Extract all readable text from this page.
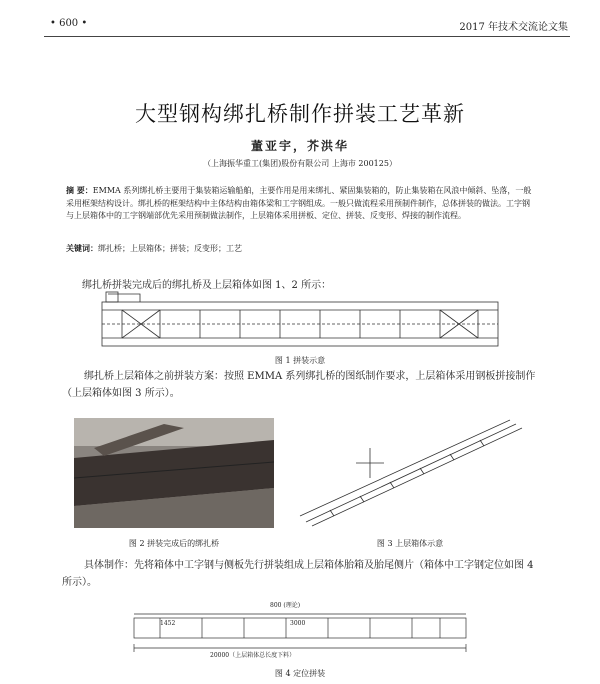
• 600 •	2017 年技术交流论文集
大型钢构绑扎桥制作拼装工艺革新
董亚宇，芥洪华
（上海振华重工(集团)股份有限公司 上海市 200125）
摘 要：EMMA 系列绑扎桥主要用于集装箱运输船舶，主要作用是用来绑扎、紧固集装箱的，防止集装箱在风浪中倾斜、坠落，一般采用框架结构设计。绑扎桥的框架结构中主体结构由箱体梁和工字钢组成。一般只做流程采用预制件制作，总体拼装的做法。工字钢与上层箱体中的工字钢端部优先采用预制做法制作，上层箱体采用拼板、定位、拼装、反变形、焊接的制作流程。
关键词：绑扎桥；上层箱体；拼装；反变形；工艺
绑扎桥拼装完成后的绑扎桥及上层箱体如图 1、2 所示：
图 1 拼装示意
绑扎桥上层箱体之前拼装方案：按照 EMMA 系列绑扎桥的图纸制作要求，上层箱体采用钢板拼接制作（上层箱体如图 3 所示）。
图 2 拼装完成后的绑扎桥	图 3 上层箱体示意
具体制作：先将箱体中工字钢与侧板先行拼装组成上层箱体胎箱及胎尾侧片（箱体中工字钢定位如图 4 所示）。
800 (理论)
1452	3000
20000（上层箱体总长度下料）
图 4 定位拼装
